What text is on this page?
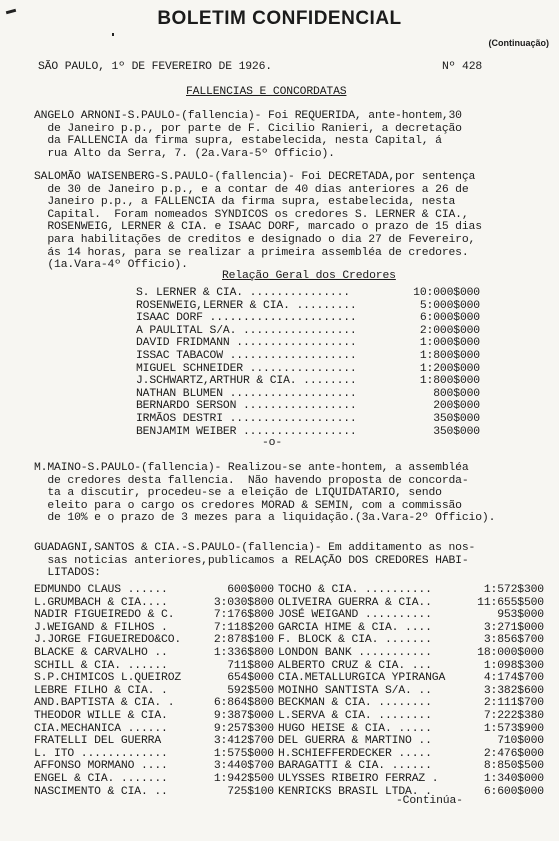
BOLETIM CONFIDENCIAL
(Continuação)
SÃO PAULO, 1º DE FEVEREIRO DE 1926.	Nº 428
FALLENCIAS E CONCORDATAS
ANGELO ARNONI-S.PAULO-(fallencia)- Foi REQUERIDA, ante-hontem,30
de Janeiro p.p., por parte de F. Cicilio Ranieri, a decretação
da FALLENCIA da firma supra, estabelecida, nesta Capital, á
rua Alto da Serra, 7. (2a.Vara-5º Officio).
SALOMÃO WAISENBERG-S.PAULO-(fallencia)- Foi DECRETADA,por sentença
de 30 de Janeiro p.p., e a contar de 40 dias anteriores a 26 de
Janeiro p.p., a FALLENCIA da firma supra, estabelecida, nesta
Capital.  Foram nomeados SYNDICOS os credores S. LERNER & CIA.,
ROSENWEIG, LERNER & CIA. e ISAAC DORF, marcado o prazo de 15 dias
para habilitações de creditos e designado o dia 27 de Fevereiro,
ás 14 horas, para se realizar a primeira assembléa de credores.
(1a.Vara-4º Officio).
Relação Geral dos Credores
S. LERNER & CIA. ...............	10:000$000
ROSENWEIG,LERNER & CIA. .........	5:000$000
ISAAC DORF ......................	6:000$000
A PAULITAL S/A. .................	2:000$000
DAVID FRIDMANN ..................	1:000$000
ISSAC TABACOW ...................	1:800$000
MIGUEL SCHNEIDER ................	1:200$000
J.SCHWARTZ,ARTHUR & CIA. ........	1:800$000
NATHAN BLUMEN ...................	800$000
BERNARDO SERSON .................	200$000
IRMÃOS DESTRI ...................	350$000
BENJAMIM WEIBER .................	350$000
-o-
M.MAINO-S.PAULO-(fallencia)- Realizou-se ante-hontem, a assembléa
de credores desta fallencia.  Não havendo proposta de concorda-
ta a discutir, procedeu-se a eleição de LIQUIDATARIO, sendo
eleito para o cargo os credores MORAD & SEMIN, com a commissão
de 10% e o prazo de 3 mezes para a liquidação.(3a.Vara-2º Officio).
GUADAGNI,SANTOS & CIA.-S.PAULO-(fallencia)- Em additamento as nos-
sas noticias anteriores,publicamos a RELAÇÃO DOS CREDORES HABI-
LITADOS:
EDMUNDO CLAUS ......	600$000 TOCHO & CIA. ..........	1:572$300
L.GRUMBACH & CIA....	3:030$800 OLIVEIRA GUERRA & CIA..	11:655$500
NADIR FIGUEIREDO & C.	7:176$800 JOSÉ WEIGAND ..........	953$000
J.WEIGAND & FILHOS .	7:118$200 GARCIA HIME & CIA. ....	3:271$000
J.JORGE FIGUEIREDO&CO.	2:878$100 F. BLOCK & CIA. .......	3:856$700
BLACKE & CARVALHO ..	1:336$800 LONDON BANK ...........	18:000$000
SCHILL & CIA. ......	711$800 ALBERTO CRUZ & CIA. ...	1:098$300
S.P.CHIMICOS L.QUEIROZ	654$000 CIA.METALLURGICA YPIRANGA	4:174$700
LEBRE FILHO & CIA. .	592$500 MOINHO SANTISTA S/A. ..	3:382$600
AND.BAPTISTA & CIA. .	6:864$800 BECKMAN & CIA. ........	2:111$700
THEODOR WILLE & CIA.	9:387$000 L.SERVA & CIA. ........	7:222$380
CIA.MECHANICA ......	9:257$300 HUGO HEISE & CIA. .....	1:573$900
FRATELLI DEL GUERRA	3:412$700 DEL GUERRA & MARTINO ..	710$000
L. ITO .............	1:575$000 H.SCHIEFFERDECKER .....	2:476$000
AFFONSO MORMANO ....	3:440$700 BARAGATTI & CIA. ......	8:850$500
ENGEL & CIA. .......	1:942$500 ULYSSES RIBEIRO FERRAZ .	1:340$000
NASCIMENTO & CIA. ..	725$100 KENRICKS BRASIL LTDA. .	6:600$000
-Continúa-
